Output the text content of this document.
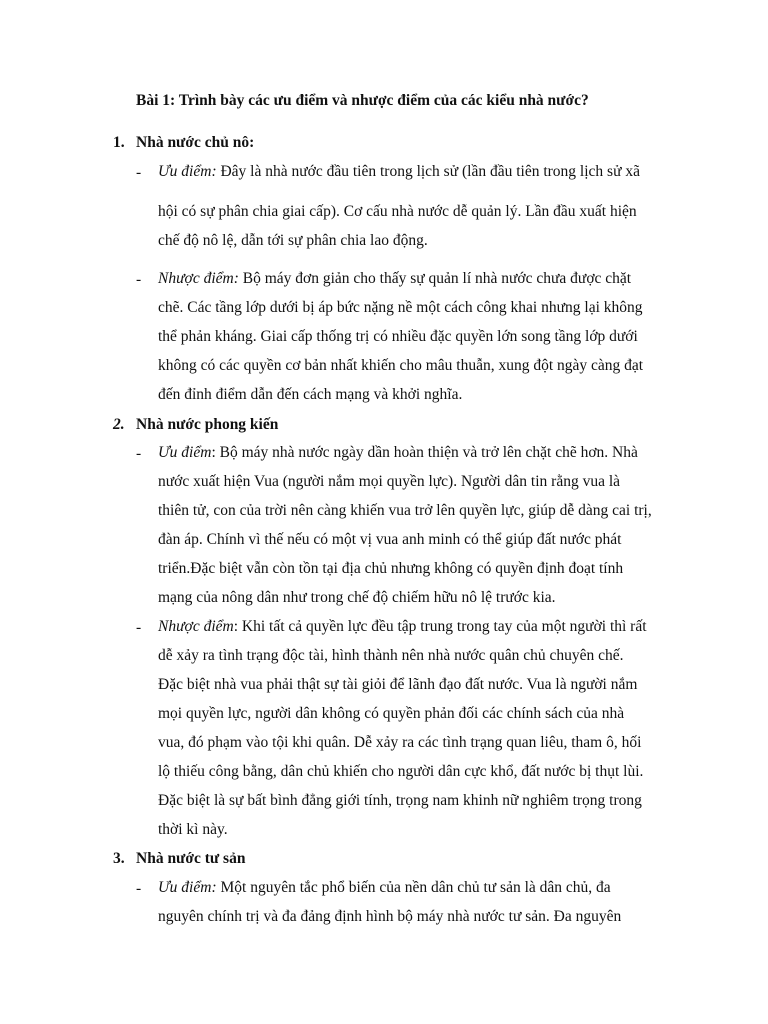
Bài 1: Trình bày các ưu điểm và nhược điểm của các kiểu nhà nước?
1. Nhà nước chủ nô:
-	Ưu điểm: Đây là nhà nước đầu tiên trong lịch sử (lần đầu tiên trong lịch sử xã
hội có sự phân chia giai cấp). Cơ cấu nhà nước dễ quản lý. Lần đầu xuất hiện
chế độ nô lệ, dẫn tới sự phân chia lao động.
-	Nhược điểm: Bộ máy đơn giản cho thấy sự quản lí nhà nước chưa được chặt
chẽ. Các tầng lớp dưới bị áp bức nặng nề một cách công khai nhưng lại không
thể phản kháng. Giai cấp thống trị có nhiều đặc quyền lớn song tầng lớp dưới
không có các quyền cơ bản nhất khiến cho mâu thuẫn, xung đột ngày càng đạt
đến đỉnh điểm dẫn đến cách mạng và khởi nghĩa.
2. Nhà nước phong kiến
-	Ưu điểm: Bộ máy nhà nước ngày dần hoàn thiện và trở lên chặt chẽ hơn. Nhà
nước xuất hiện Vua (người nắm mọi quyền lực). Người dân tin rằng vua là
thiên tử, con của trời nên càng khiến vua trở lên quyền lực, giúp dễ dàng cai trị,
đàn áp. Chính vì thế nếu có một vị vua anh minh có thể giúp đất nước phát
triển.Đặc biệt vẫn còn tồn tại địa chủ nhưng không có quyền định đoạt tính
mạng của nông dân như trong chế độ chiếm hữu nô lệ trước kia.
-	Nhược điểm: Khi tất cả quyền lực đều tập trung trong tay của một người thì rất
dễ xảy ra tình trạng độc tài, hình thành nên nhà nước quân chủ chuyên chế.
Đặc biệt nhà vua phải thật sự tài giỏi để lãnh đạo đất nước. Vua là người nắm
mọi quyền lực, người dân không có quyền phản đối các chính sách của nhà
vua, đó phạm vào tội khi quân. Dễ xảy ra các tình trạng quan liêu, tham ô, hối
lộ thiếu công bằng, dân chủ khiến cho người dân cực khổ, đất nước bị thụt lùi.
Đặc biệt là sự bất bình đẳng giới tính, trọng nam khinh nữ nghiêm trọng trong
thời kì này.
3. Nhà nước tư sản
-	Ưu điểm: Một nguyên tắc phổ biến của nền dân chủ tư sản là dân chủ, đa
nguyên chính trị và đa đảng định hình bộ máy nhà nước tư sản. Đa nguyên
